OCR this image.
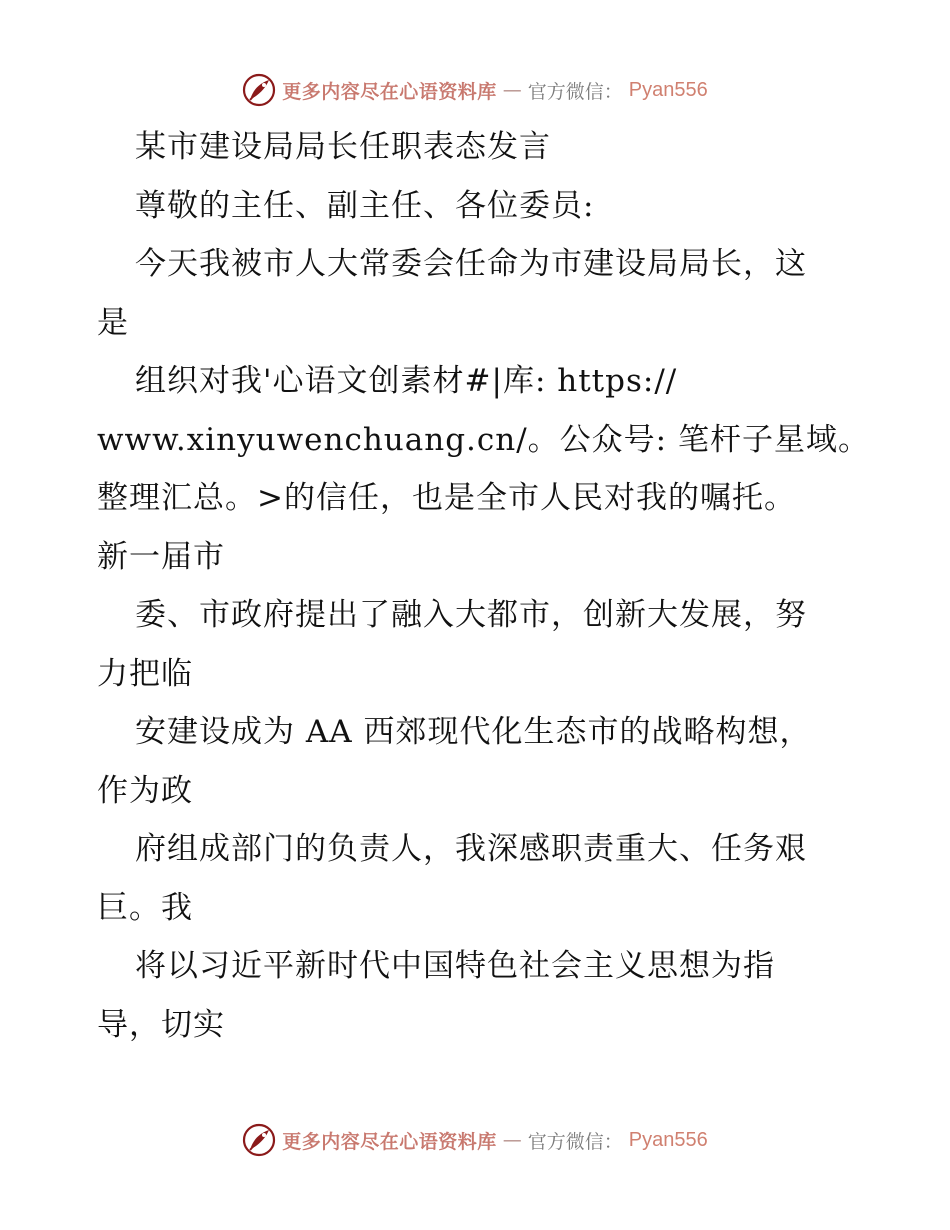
更多内容尽在心语资料库 — 官方微信： Pyan556
某市建设局局长任职表态发言
尊敬的主任、副主任、各位委员:
今天我被市人大常委会任命为市建设局局长，这
是
组织对我'心语文创素材#|库: https://
www.xinyuwenchuang.cn/。公众号: 笔杆子星域。
整理汇总。>的信任，也是全市人民对我的嘱托。
新一届市
委、市政府提出了融入大都市，创新大发展，努
力把临
安建设成为 AA 西郊现代化生态市的战略构想，
作为政
府组成部门的负责人，我深感职责重大、任务艰
巨。我
将以习近平新时代中国特色社会主义思想为指
导，切实
更多内容尽在心语资料库 — 官方微信： Pyan556
